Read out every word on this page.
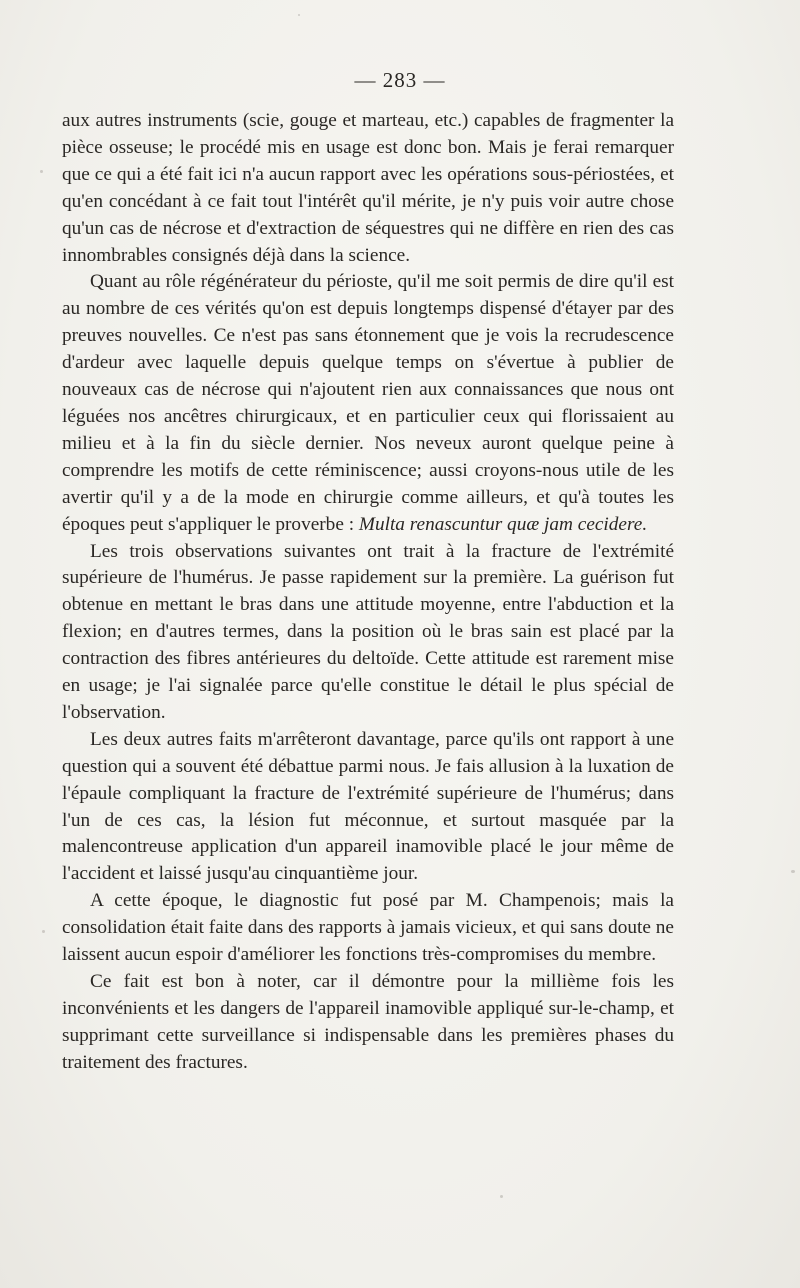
— 283 —

aux autres instruments (scie, gouge et marteau, etc.) capables de fragmenter la pièce osseuse; le procédé mis en usage est donc bon. Mais je ferai remarquer que ce qui a été fait ici n'a aucun rapport avec les opérations sous-périostées, et qu'en concédant à ce fait tout l'intérêt qu'il mérite, je n'y puis voir autre chose qu'un cas de nécrose et d'extraction de séquestres qui ne diffère en rien des cas innombrables consignés déjà dans la science.

Quant au rôle régénérateur du périoste, qu'il me soit permis de dire qu'il est au nombre de ces vérités qu'on est depuis longtemps dispensé d'étayer par des preuves nouvelles. Ce n'est pas sans étonnement que je vois la recrudescence d'ardeur avec laquelle depuis quelque temps on s'évertue à publier de nouveaux cas de nécrose qui n'ajoutent rien aux connaissances que nous ont léguées nos ancêtres chirurgicaux, et en particulier ceux qui florissaient au milieu et à la fin du siècle dernier. Nos neveux auront quelque peine à comprendre les motifs de cette réminiscence; aussi croyons-nous utile de les avertir qu'il y a de la mode en chirurgie comme ailleurs, et qu'à toutes les époques peut s'appliquer le proverbe : Multa renascuntur quæ jam cecidere.

Les trois observations suivantes ont trait à la fracture de l'extrémité supérieure de l'humérus. Je passe rapidement sur la première. La guérison fut obtenue en mettant le bras dans une attitude moyenne, entre l'abduction et la flexion; en d'autres termes, dans la position où le bras sain est placé par la contraction des fibres antérieures du deltoïde. Cette attitude est rarement mise en usage; je l'ai signalée parce qu'elle constitue le détail le plus spécial de l'observation.

Les deux autres faits m'arrêteront davantage, parce qu'ils ont rapport à une question qui a souvent été débattue parmi nous. Je fais allusion à la luxation de l'épaule compliquant la fracture de l'extrémité supérieure de l'humérus; dans l'un de ces cas, la lésion fut méconnue, et surtout masquée par la malencontreuse application d'un appareil inamovible placé le jour même de l'accident et laissé jusqu'au cinquantième jour.

A cette époque, le diagnostic fut posé par M. Champenois; mais la consolidation était faite dans des rapports à jamais vicieux, et qui sans doute ne laissent aucun espoir d'améliorer les fonctions très-compromises du membre.

Ce fait est bon à noter, car il démontre pour la millième fois les inconvénients et les dangers de l'appareil inamovible appliqué sur-le-champ, et supprimant cette surveillance si indispensable dans les premières phases du traitement des fractures.
